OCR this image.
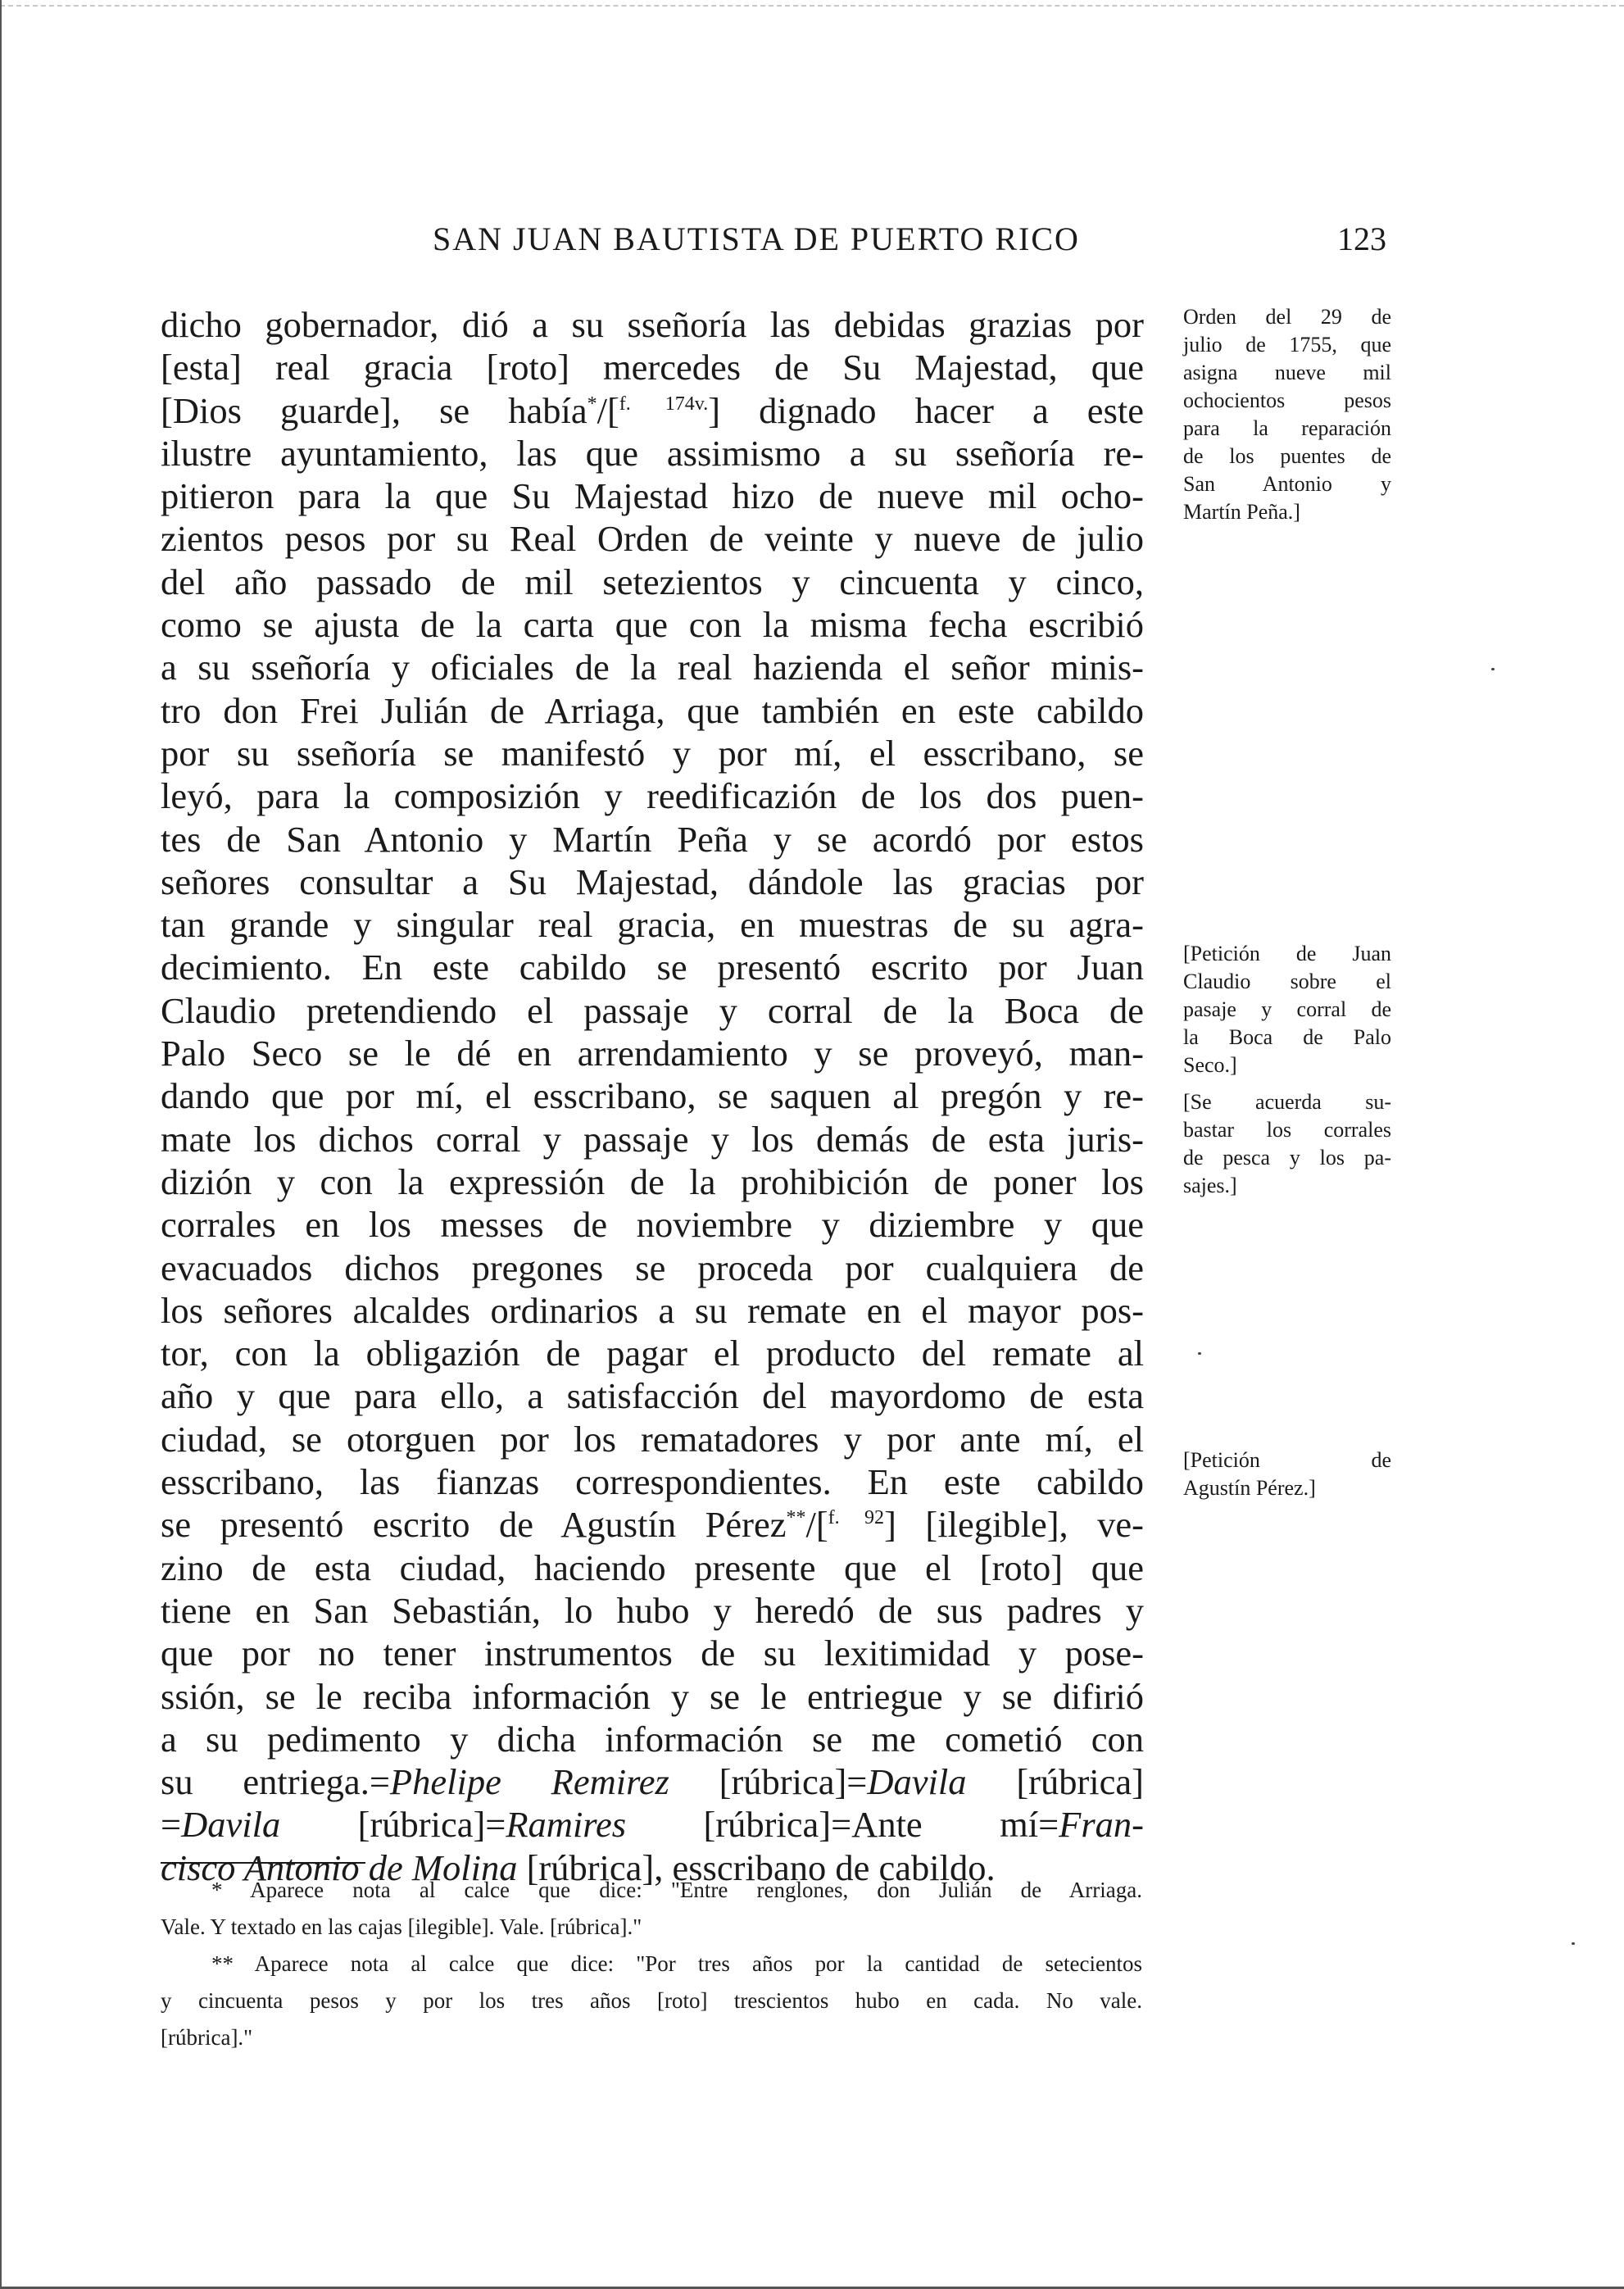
SAN JUAN BAUTISTA DE PUERTO RICO	123
dicho gobernador, dió a su sseñoría las debidas grazias por
[esta] real gracia [roto] mercedes de Su Majestad, que
[Dios guarde], se había*/[$^{f. 174v.}$] dignado hacer a este
ilustre ayuntamiento, las que assimismo a su sseñoría re-
pitieron para la que Su Majestad hizo de nueve mil ocho-
zientos pesos por su Real Orden de veinte y nueve de julio
del año passado de mil setezientos y cincuenta y cinco,
como se ajusta de la carta que con la misma fecha escribió
a su sseñoría y oficiales de la real hazienda el señor minis-
tro don Frei Julián de Arriaga, que también en este cabildo
por su sseñoría se manifestó y por mí, el esscribano, se
leyó, para la composizión y reedificazión de los dos puen-
tes de San Antonio y Martín Peña y se acordó por estos
señores consultar a Su Majestad, dándole las gracias por
tan grande y singular real gracia, en muestras de su agra-
decimiento. En este cabildo se presentó escrito por Juan
Claudio pretendiendo el passaje y corral de la Boca de
Palo Seco se le dé en arrendamiento y se proveyó, man-
dando que por mí, el esscribano, se saquen al pregón y re-
mate los dichos corral y passaje y los demás de esta juris-
dizión y con la expressión de la prohibición de poner los
corrales en los messes de noviembre y diziembre y que
evacuados dichos pregones se proceda por cualquiera de
los señores alcaldes ordinarios a su remate en el mayor pos-
tor, con la obligazión de pagar el producto del remate al
año y que para ello, a satisfacción del mayordomo de esta
ciudad, se otorguen por los rematadores y por ante mí, el
esscribano, las fianzas correspondientes. En este cabildo
se presentó escrito de Agustín Pérez**/[$^{f. 92}$] [ilegible], ve-
zino de esta ciudad, haciendo presente que el [roto] que
tiene en San Sebastián, lo hubo y heredó de sus padres y
que por no tener instrumentos de su lexitimidad y pose-
ssión, se le reciba información y se le entriegue y se difirió
a su pedimento y dicha información se me cometió con
su entriega.=Phelipe Remirez [rúbrica]=Davila [rúbrica]
=Davila [rúbrica]=Ramires [rúbrica]=Ante mí=Fran-
cisco Antonio de Molina [rúbrica], esscribano de cabildo.
Orden del 29 de
julio de 1755, que
asigna nueve mil
ochocientos pesos
para la reparación
de los puentes de
San Antonio y
Martín Peña.]
[Petición de Juan
Claudio sobre el
pasaje y corral de
la Boca de Palo
Seco.]
[Se acuerda su-
bastar los corrales
de pesca y los pa-
sajes.]
[Petición de
Agustín Pérez.]
* Aparece nota al calce que dice: "Entre renglones, don Julián de Arriaga.
Vale. Y textado en las cajas [ilegible]. Vale. [rúbrica]."
** Aparece nota al calce que dice: "Por tres años por la cantidad de setecientos
y cincuenta pesos y por los tres años [roto] trescientos hubo en cada. No vale.
[rúbrica]."
